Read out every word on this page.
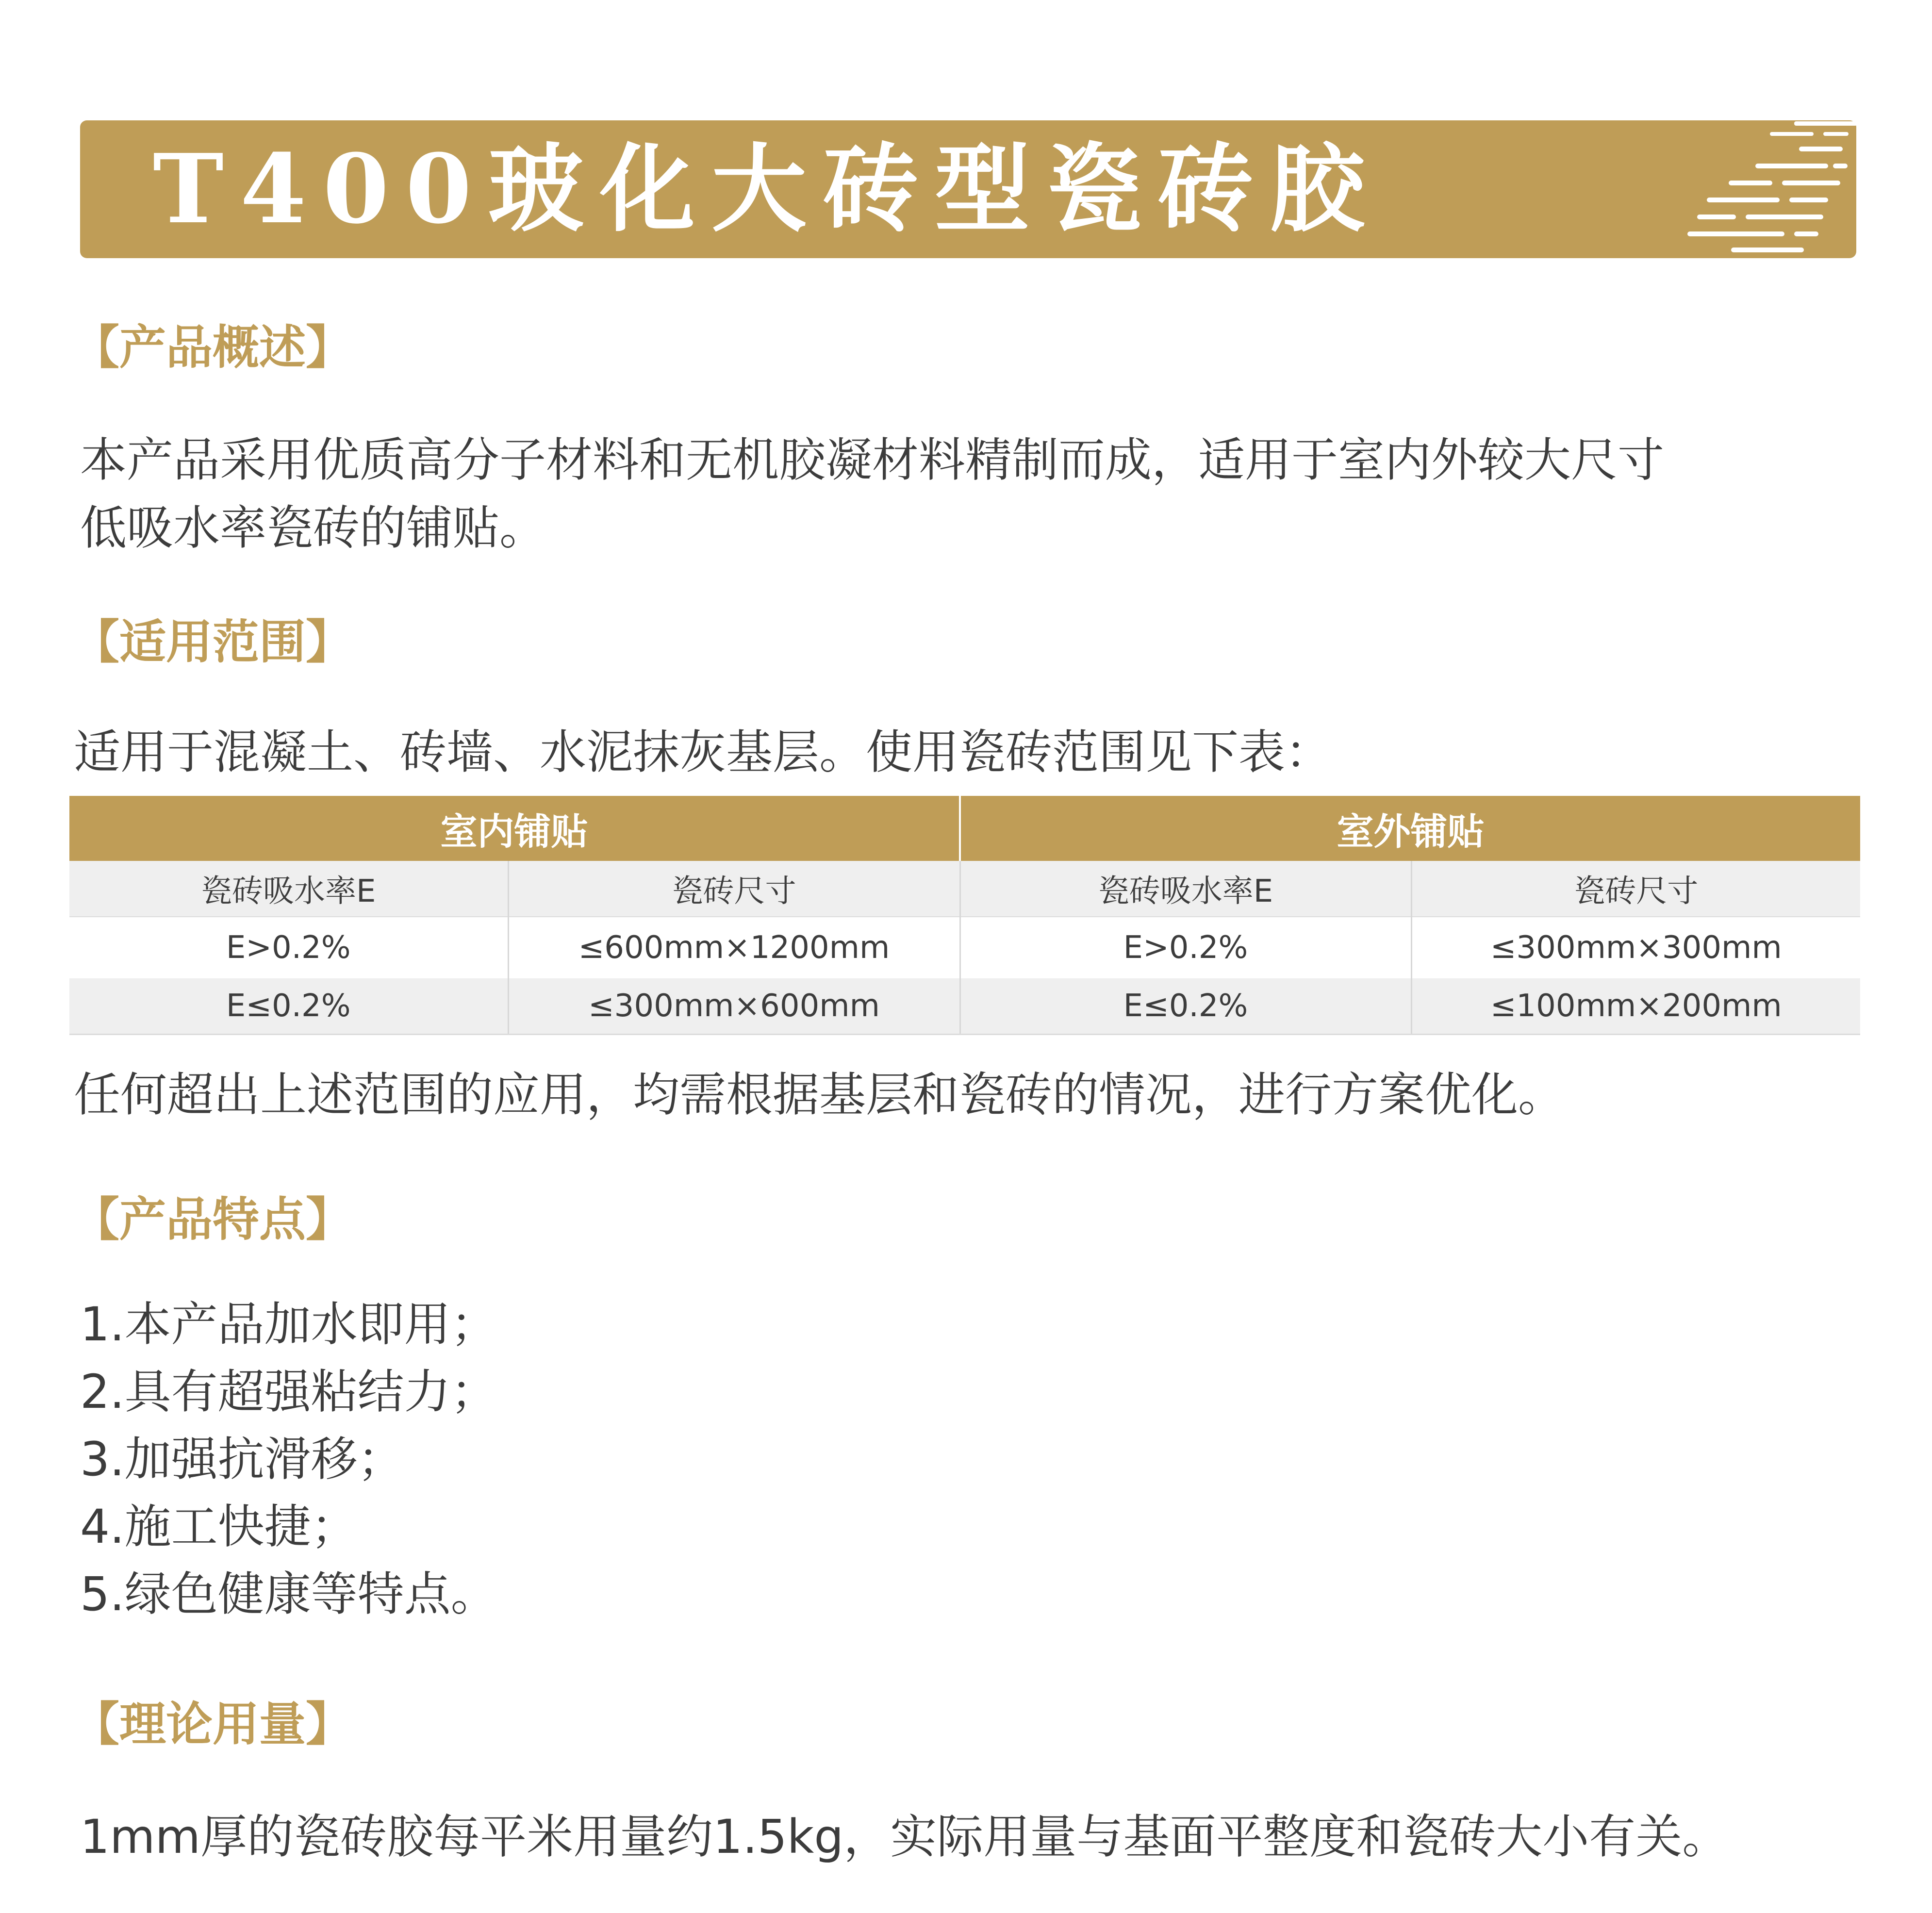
T400玻化大砖型瓷砖胶
【产品概述】
本产品采用优质高分子材料和无机胶凝材料精制而成，适用于室内外较大尺寸
低吸水率瓷砖的铺贴。
【适用范围】
适用于混凝土、砖墙、水泥抹灰基层。使用瓷砖范围见下表：
室内铺贴		室外铺贴	
瓷砖吸水率E	瓷砖尺寸	瓷砖吸水率E	瓷砖尺寸
E>0.2%	≤600mm×1200mm	E>0.2%	≤300mm×300mm
E≤0.2%	≤300mm×600mm	E≤0.2%	≤100mm×200mm
任何超出上述范围的应用，均需根据基层和瓷砖的情况，进行方案优化。
【产品特点】
1.本产品加水即用；
2.具有超强粘结力；
3.加强抗滑移；
4.施工快捷；
5.绿色健康等特点。
【理论用量】
1mm厚的瓷砖胶每平米用量约1.5kg，实际用量与基面平整度和瓷砖大小有关。
